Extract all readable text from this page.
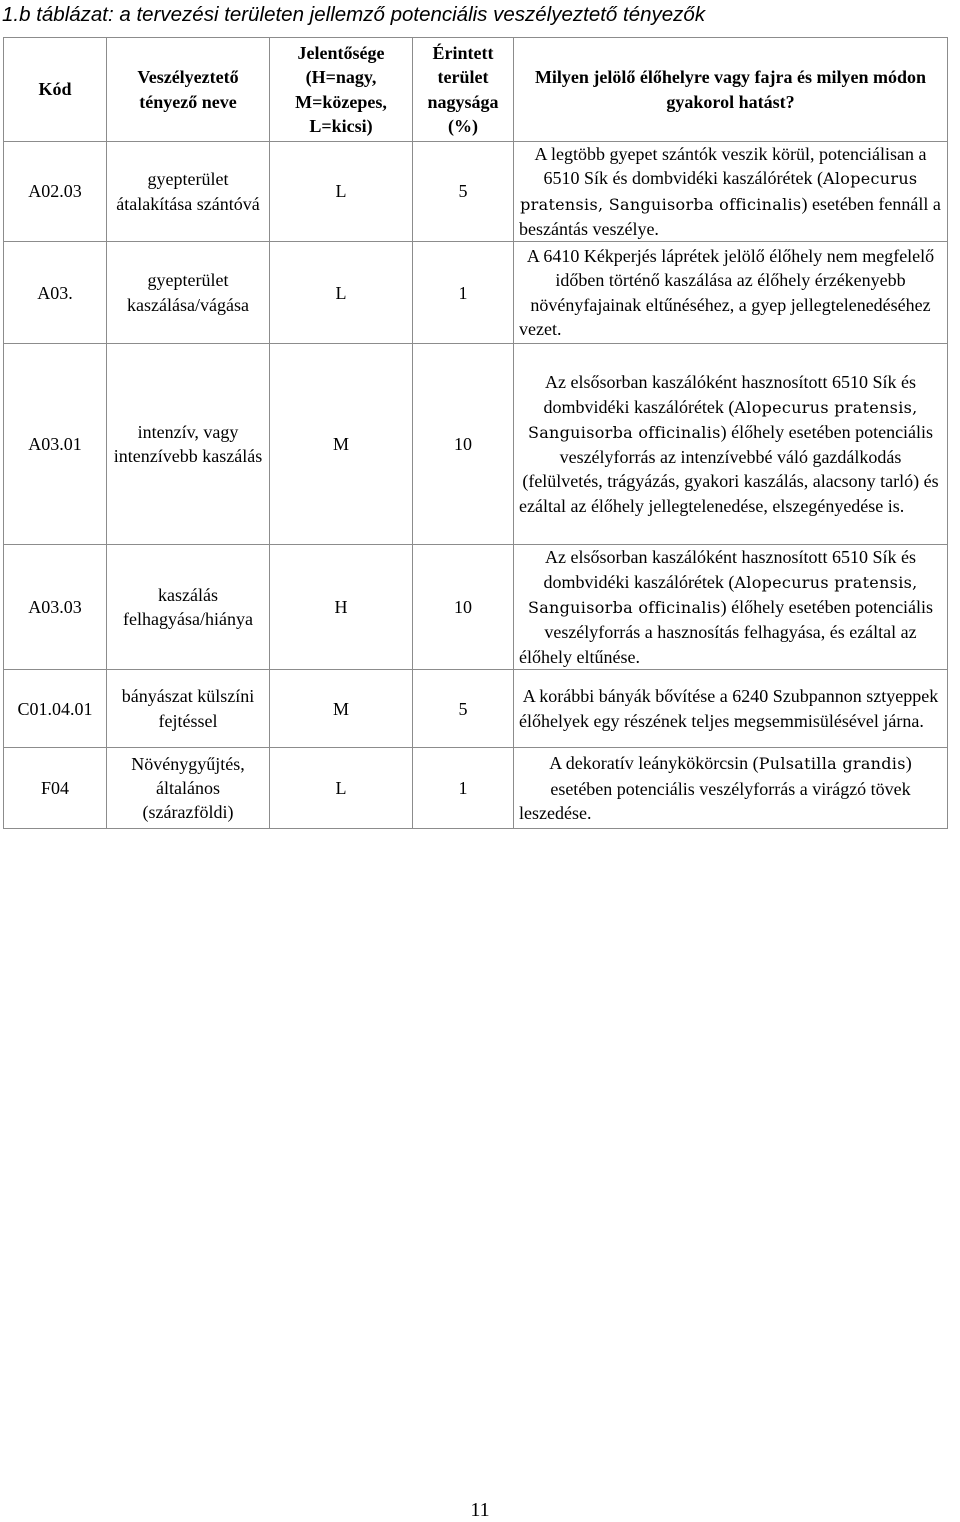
1.b táblázat: a tervezési területen jellemző potenciális veszélyeztető tényezők
Kód	Veszélyeztető tényező neve	Jelentősége (H=nagy, M=közepes, L=kicsi)	Érintett terület nagysága (%)	Milyen jelölő élőhelyre vagy fajra és milyen módon gyakorol hatást?
A02.03	gyepterület átalakítása szántóvá	L	5	A legtöbb gyepet szántók veszik körül, potenciálisan a 6510 Sík és dombvidéki kaszálórétek (Alopecurus pratensis, Sanguisorba officinalis) esetében fennáll a beszántás veszélye.
A03.	gyepterület kaszálása/vágása	L	1	A 6410 Kékperjés láprétek jelölő élőhely nem megfelelő időben történő kaszálása az élőhely érzékenyebb növényfajainak eltűnéséhez, a gyep jellegtelenedéséhez vezet.
A03.01	intenzív, vagy intenzívebb kaszálás	M	10	Az elsősorban kaszálóként hasznosított 6510 Sík és dombvidéki kaszálórétek (Alopecurus pratensis, Sanguisorba officinalis) élőhely esetében potenciális veszélyforrás az intenzívebbé váló gazdálkodás (felülvetés, trágyázás, gyakori kaszálás, alacsony tarló) és ezáltal az élőhely jellegtelenedése, elszegényedése is.
A03.03	kaszálás felhagyása/hiánya	H	10	Az elsősorban kaszálóként hasznosított 6510 Sík és dombvidéki kaszálórétek (Alopecurus pratensis, Sanguisorba officinalis) élőhely esetében potenciális veszélyforrás a hasznosítás felhagyása, és ezáltal az élőhely eltűnése.
C01.04.01	bányászat külszíni fejtéssel	M	5	A korábbi bányák bővítése a 6240 Szubpannon sztyeppek élőhelyek egy részének teljes megsemmisülésével járna.
F04	Növénygyűjtés, általános (szárazföldi)	L	1	A dekoratív leánykökörcsin (Pulsatilla grandis) esetében potenciális veszélyforrás a virágzó tövek leszedése.
11
